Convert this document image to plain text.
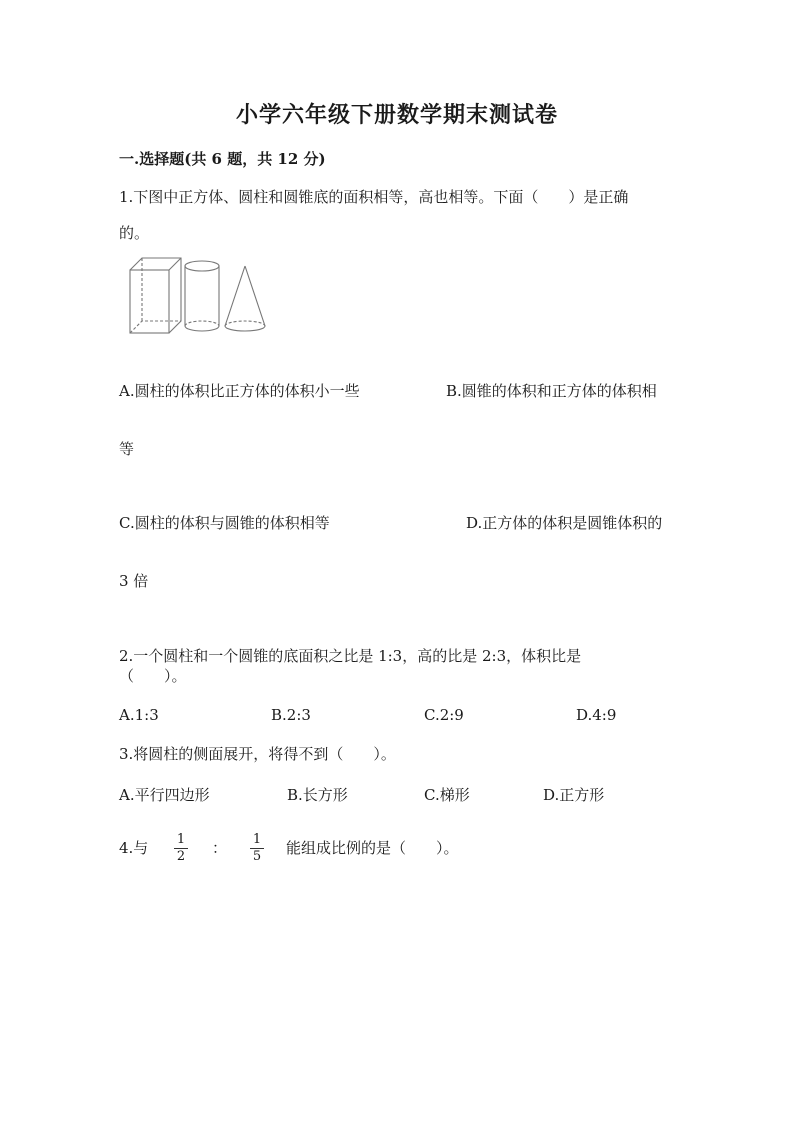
小学六年级下册数学期末测试卷
一.选择题(共 6 题，共 12 分)
1.下图中正方体、圆柱和圆锥底的面积相等，高也相等。下面（　　）是正确
的。
A.圆柱的体积比正方体的体积小一些	B.圆锥的体积和正方体的体积相
等
C.圆柱的体积与圆锥的体积相等	D.正方体的体积是圆锥体积的
3 倍
2.一个圆柱和一个圆锥的底面积之比是 1:3，高的比是 2:3，体积比是
（　　）。
A.1:3	B.2:3	C.2:9	D.4:9
3.将圆柱的侧面展开，将得不到（　　）。
A.平行四边形	B.长方形	C.梯形	D.正方形
4.与 $\frac{1}{2}$ ： $\frac{1}{5}$ 能组成比例的是（　　）。
